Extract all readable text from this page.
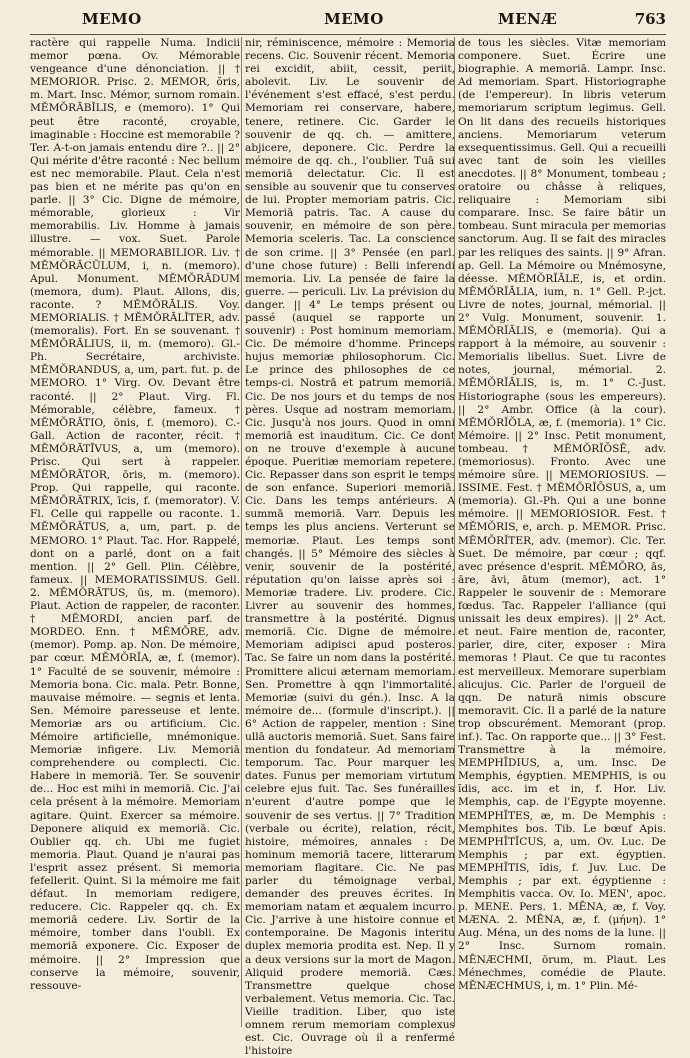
MEMO	MEMO	MENÆ	763

ractère qui rappelle Numa. Indicii memor pœna. Ov. Mémorable vengeance d'une dénonciation. || † MEMORIOR. Prisc. 2. MEMOR, ŏris, m. Mart. Insc. Mémor, surnom romain. MĔMŎRĀBĬLIS, e (memoro). 1° Qui peut être raconté, croyable, imaginable : Hoccine est memorabile ? Ter. A-t-on jamais entendu dire ?.. || 2° Qui mérite d'être raconté : Nec bellum est nec memorabile. Plaut. Cela n'est pas bien et ne mérite pas qu'on en parle. || 3° Cic. Digne de mémoire, mémorable, glorieux : Vir memorabilis. Liv. Homme à jamais illustre. — vox. Suet. Parole mémorable. || MEMORABILIOR. Liv. † MĔMŎRĀCŬLUM, i, n. (memoro). Apul. Monument. MĔMŎRĀDUM (memora, dum). Plaut. Allons, dis, raconte. ? MĔMŎRĀLIS. Voy. MEMORIALIS. † MĔMŎRĀLĬTER, adv. (memoralis). Fort. En se souvenant. † MĔMŎRĀLIUS, ii, m. (memoro). Gl.-Ph. Secrétaire, archiviste. MĔMŎRANDUS, a, um, part. fut. p. de MEMORO. 1° Virg. Ov. Devant être raconté. || 2° Plaut. Virg. Fl. Mémorable, célèbre, fameux. † MĔMŎRĀTIO, ōnis, f. (memoro). C.-Gall. Action de raconter, récit. † MĔMŎRĀTĪVUS, a, um (memoro). Prisc. Qui sert à rappeler. MĔMŎRĀTOR, ōris, m. (memoro). Prop. Qui rappelle, qui raconte. MĔMŎRĀTRIX, īcis, f. (memorator). V. Fl. Celle qui rappelle ou raconte. 1. MĔMŎRĀTUS, a, um, part. p. de MEMORO. 1° Plaut. Tac. Hor. Rappelé, dont on a parlé, dont on a fait mention. || 2° Gell. Plin. Célèbre, fameux. || MEMORATISSIMUS. Gell. 2. MĔMŎRĀTUS, ūs, m. (memoro). Plaut. Action de rappeler, de raconter. † MĔMORDI, ancien parf. de MORDEO. Enn. † MĔMŎRE, adv. (memor). Pomp. ap. Non. De mémoire, par cœur. MĔMŎRĬA, æ, f. (memor). 1° Faculté de se souvenir, mémoire : Memoria bona. Cic. mala. Petr. Bonne, mauvaise mémoire. — segnis et lenta. Sen. Mémoire paresseuse et lente. Memoriæ ars ou artificium. Cic. Mémoire artificielle, mnémonique. Memoriæ infigere. Liv. Memoriā comprehendere ou complecti. Cic. Habere in memoriā. Ter. Se souvenir de... Hoc est mihi in memoriā. Cic. J'ai cela présent à la mémoire. Memoriam agitare. Quint. Exercer sa mémoire. Deponere aliquid ex memoriā. Cic. Oublier qq. ch. Ubi me fugiet memoria. Plaut. Quand je n'aurai pas l'esprit assez présent. Si memoria fefellerit. Quint. Si la mémoire me fait défaut. In memoriam redigere, reducere. Cic. Rappeler qq. ch. Ex memoriā cedere. Liv. Sortir de la mémoire, tomber dans l'oubli. Ex memoriā exponere. Cic. Exposer de mémoire. || 2° Impression que conserve la mémoire, souvenir, ressouve-

nir, réminiscence, mémoire : Memoria recens. Cic. Souvenir récent. Memoria rei excidit, abiit, cessit, periit, abolevit. Liv. Le souvenir de l'événement s'est effacé, s'est perdu. Memoriam rei conservare, habere, tenere, retinere. Cic. Garder le souvenir de qq. ch. — amittere, abjicere, deponere. Cic. Perdre la mémoire de qq. ch., l'oublier. Tuā sui memoriā delectatur. Cic. Il est sensible au souvenir que tu conserves de lui. Propter memoriam patris. Cic. Memoriā patris. Tac. A cause du souvenir, en mémoire de son père. Memoria sceleris. Tac. La conscience de son crime. || 3° Pensée (en parl. d'une chose future) : Belli inferendi memoria. Liv. La pensée de faire la guerre. — periculi. Liv. La prévision du danger. || 4° Le temps présent ou passé (auquel se rapporte un souvenir) : Post hominum memoriam. Cic. De mémoire d'homme. Princeps hujus memoriæ philosophorum. Cic. Le prince des philosophes de ce temps-ci. Nostrā et patrum memoriā. Cic. De nos jours et du temps de nos pères. Usque ad nostram memoriam. Cic. Jusqu'à nos jours. Quod in omni memoriā est inauditum. Cic. Ce dont on ne trouve d'exemple à aucune époque. Pueritiæ memoriam repetere. Cic. Repasser dans son esprit le temps de son enfance. Superiori memoriā. Cic. Dans les temps antérieurs. A summā memoriā. Varr. Depuis les temps les plus anciens. Verterunt se memoriæ. Plaut. Les temps sont changés. || 5° Mémoire des siècles à venir, souvenir de la postérité, réputation qu'on laisse après soi : Memoriæ tradere. Liv. prodere. Cic. Livrer au souvenir des hommes, transmettre à la postérité. Dignus memoriā. Cic. Digne de mémoire. Memoriam adipisci apud posteros. Tac. Se faire un nom dans la postérité. Promittere alicui æternam memoriam. Sen. Promettre à qqn l'immortalité. Memoriæ (suivi du gén.). Insc. A la mémoire de... (formule d'inscript.). || 6° Action de rappeler, mention : Sine ullā auctoris memoriā. Suet. Sans faire mention du fondateur. Ad memoriam temporum. Tac. Pour marquer les dates. Funus per memoriam virtutum celebre ejus fuit. Tac. Ses funérailles n'eurent d'autre pompe que le souvenir de ses vertus. || 7° Tradition (verbale ou écrite), relation, récit, histoire, mémoires, annales : De hominum memoriā tacere, litterarum memoriam flagitare. Cic. Ne pas parler du témoignage verbal, demander des preuves écrites. In memoriam natam et æqualem incurro. Cic. J'arrive à une histoire connue et contemporaine. De Magonis interitu duplex memoria prodita est. Nep. Il y a deux versions sur la mort de Magon. Aliquid prodere memoriā. Cæs. Transmettre quelque chose verbalement. Vetus memoria. Cic. Tac. Vieille tradition. Liber, quo iste omnem rerum memoriam complexus est. Cic. Ouvrage où il a renfermé l'histoire

de tous les siècles. Vitæ memoriam componere. Suet. Écrire une biographie. A memoriā. Lampr. Insc. Ad memoriam. Spart. Historiographe (de l'empereur). In libris veterum memoriarum scriptum legimus. Gell. On lit dans des recueils historiques anciens. Memoriarum veterum exsequentissimus. Gell. Qui a recueilli avec tant de soin les vieilles anecdotes. || 8° Monument, tombeau ; oratoire ou châsse à reliques, reliquaire : Memoriam sibi comparare. Insc. Se faire bâtir un tombeau. Sunt miracula per memorias sanctorum. Aug. Il se fait des miracles par les reliques des saints. || 9° Afran. ap. Gell. La Mémoire ou Mnémosyne, déesse. MĔMŎRĬĀLE, is, et ordin. MĔMŎRĬĀLIA, ium, n. 1° Gell. P.-jct. Livre de notes, journal, mémorial. || 2° Vulg. Monument, souvenir. 1. MĔMŎRĬĀLIS, e (memoria). Qui a rapport à la mémoire, au souvenir : Memorialis libellus. Suet. Livre de notes, journal, mémorial. 2. MĔMŎRĬĀLIS, is, m. 1° C.-Just. Historiographe (sous les empereurs). || 2° Ambr. Office (à la cour). MĔMŎRĬŎLA, æ, f. (memoria). 1° Cic. Mémoire. || 2° Insc. Petit monument, tombeau. † MĔMŎRĬŌSĒ, adv. (memoriosus). Fronto. Avec une mémoire sûre. || MEMORIOSIUS. — ISSIME. Fest. † MĔMŎRĬŌSUS, a, um (memoria). Gl.-Ph. Qui a une bonne mémoire. || MEMORIOSIOR. Fest. † MĔMŎRIS, e, arch. p. MEMOR. Prisc. MĔMŎRĬTER, adv. (memor). Cic. Ter. Suet. De mémoire, par cœur ; qqf. avec présence d'esprit. MĔMŎRO, ās, āre, āvi, ātum (memor), act. 1° Rappeler le souvenir de : Memorare fœdus. Tac. Rappeler l'alliance (qui unissait les deux empires). || 2° Act. et neut. Faire mention de, raconter, parler, dire, citer, exposer : Mira memoras ! Plaut. Ce que tu racontes est merveilleux. Memorare superbiam alicujus. Cic. Parler de l'orgueil de qqn. De naturā nimis obscure memoravit. Cic. Il a parlé de la nature trop obscurément. Memorant (prop. inf.). Tac. On rapporte que... || 3° Fest. Transmettre à la mémoire. MEMPHĪDIUS, a, um. Insc. De Memphis, égyptien. MEMPHIS, is ou ĭdis, acc. im et in, f. Hor. Liv. Memphis, cap. de l'Egypte moyenne. MEMPHĪTES, æ, m. De Memphis : Memphites bos. Tib. Le bœuf Apis. MEMPHĪTĬCUS, a, um. Ov. Luc. De Memphis ; par ext. égyptien. MEMPHĪTIS, ĭdis, f. Juv. Luc. De Memphis ; par ext. égyptienne : Memphitis vacca. Ov. Io. MEN', apoc. p. MENE. Pers. 1. MĒNA, æ, f. Voy. MÆNA. 2. MĒNA, æ, f. (μήνη). 1° Aug. Ména, un des noms de la lune. || 2° Insc. Surnom romain. MĒNÆCHMI, ōrum, m. Plaut. Les Ménechmes, comédie de Plaute. MĔNÆCHMUS, i, m. 1° Plin. Mé-
